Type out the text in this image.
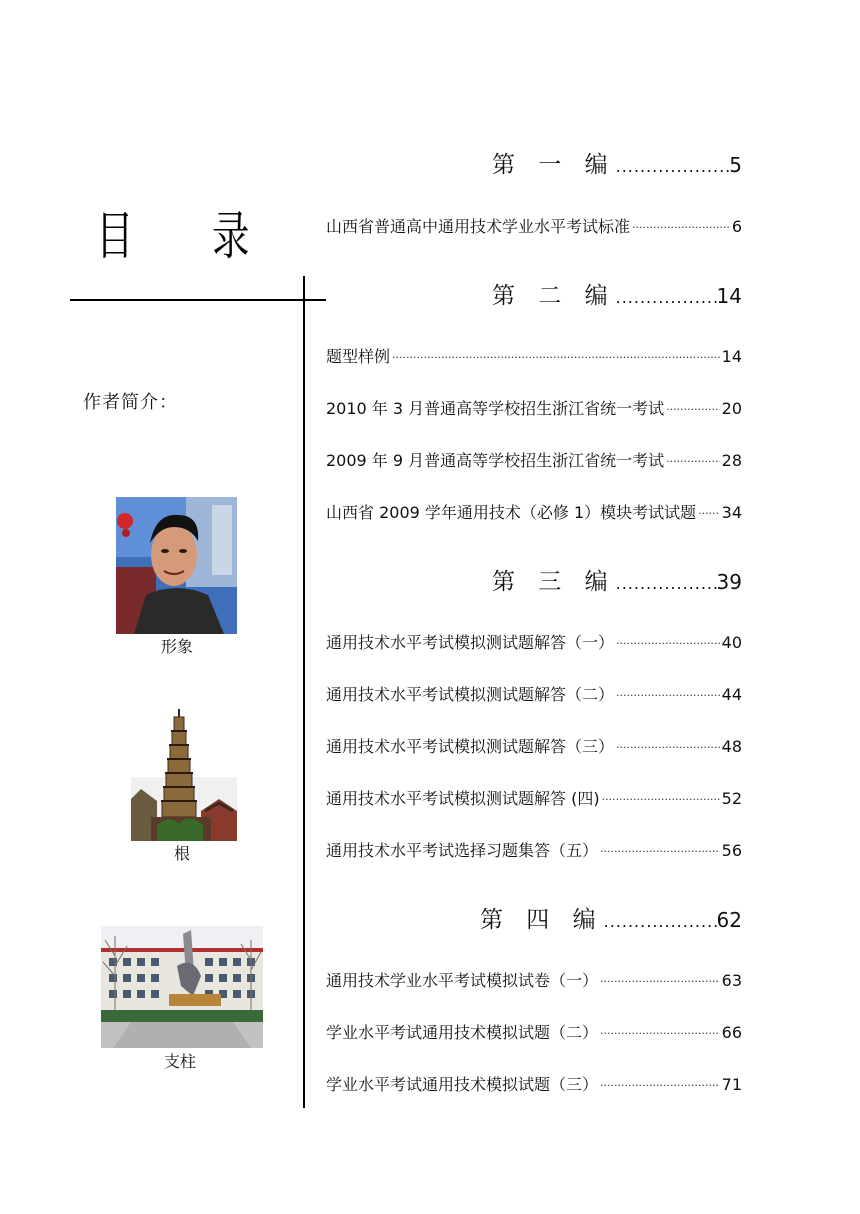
目 录
作者简介：
形象
根
支柱
第 一 编 .....	5
山西省普通高中通用技术学业水平考试标准 ·····	6
第 二 编 .....	14
题型样例 ·····	14
2010 年 3 月普通高等学校招生浙江省统一考试 ·····	20
2009 年 9 月普通高等学校招生浙江省统一考试 ·····	28
山西省 2009 学年通用技术（必修 1）模块考试试题 ····· 34
第 三 编 .....	39
通用技术水平考试模拟测试题解答（一） ·····	40
通用技术水平考试模拟测试题解答（二） ·····	44
通用技术水平考试模拟测试题解答（三） ·····	48
通用技术水平考试模拟测试题解答 (四) ·····	52
通用技术水平考试选择习题集答（五） ·····	56
第 四 编 .....	62
通用技术学业水平考试模拟试卷（一） ·····	63
学业水平考试通用技术模拟试题（二） ·····	66
学业水平考试通用技术模拟试题（三） ·····	71
